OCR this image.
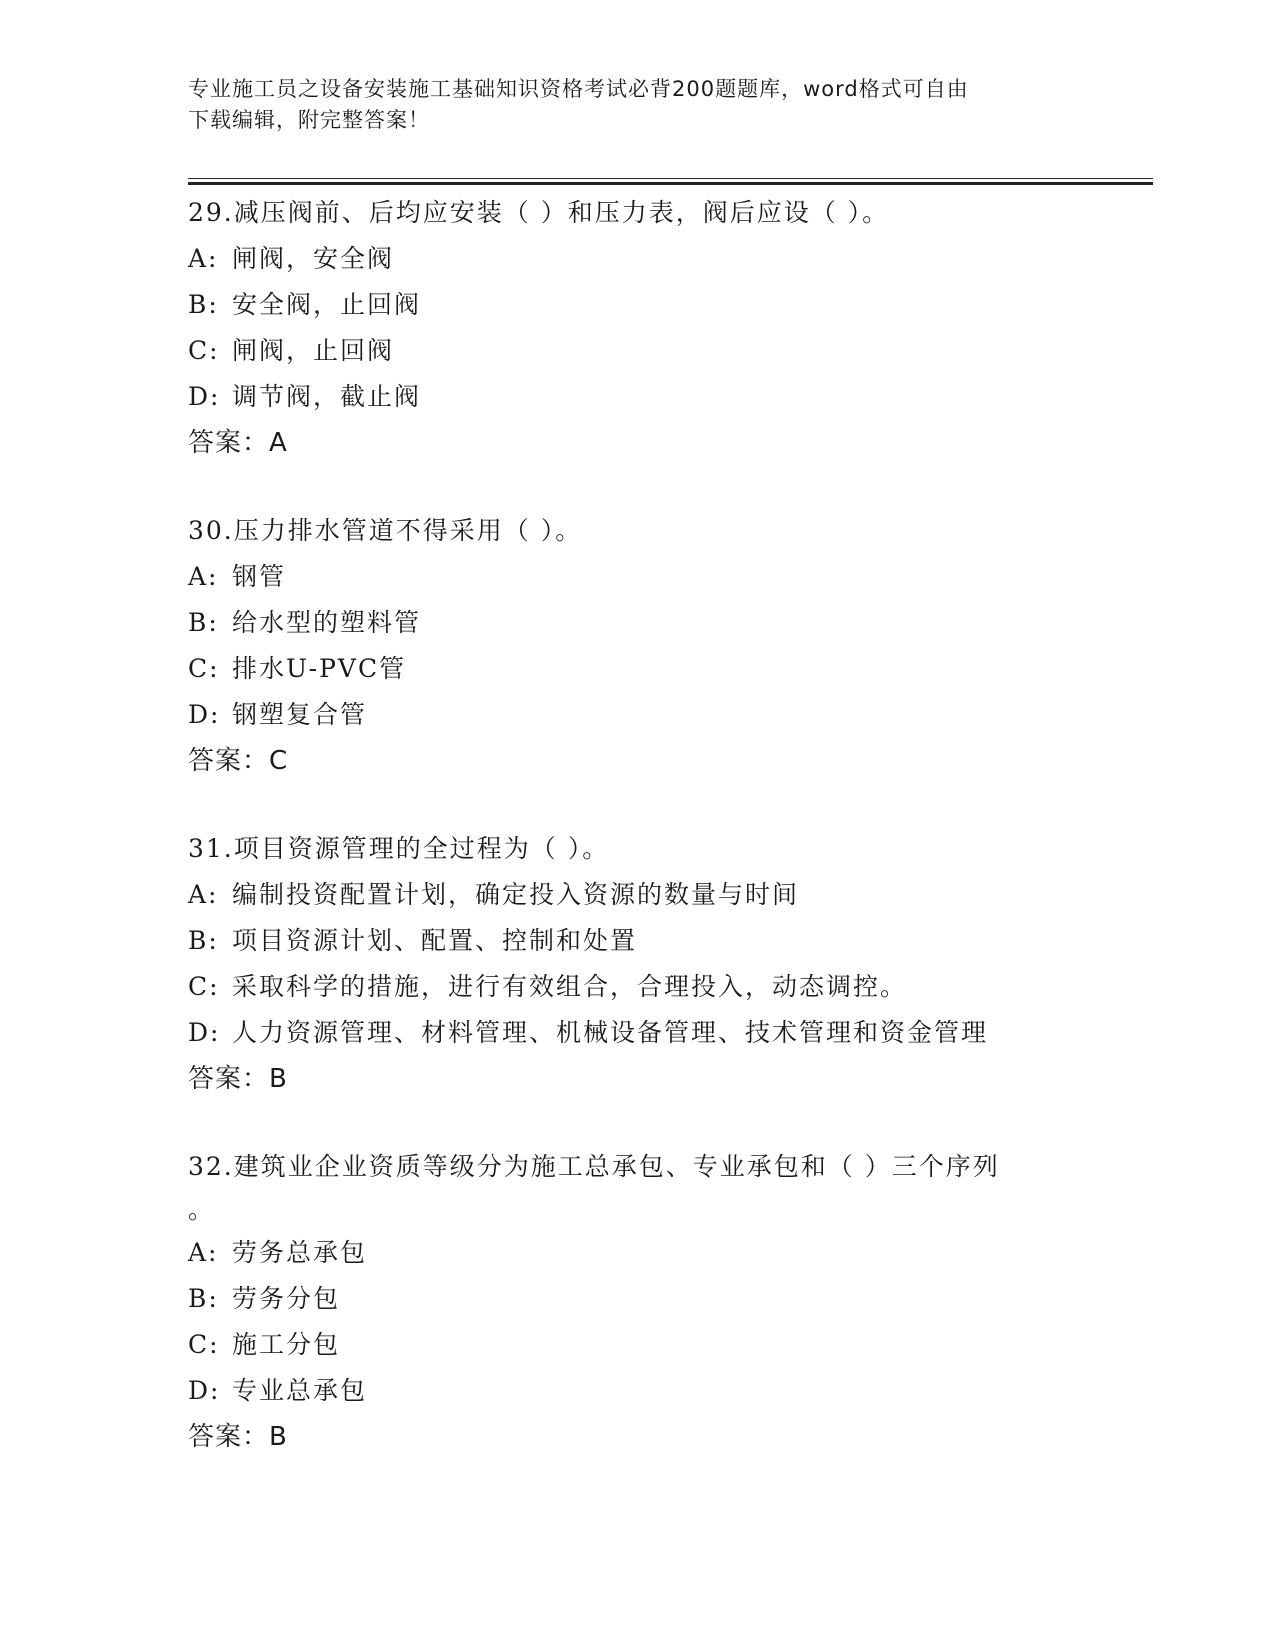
专业施工员之设备安装施工基础知识资格考试必背200题题库，word格式可自由
下载编辑，附完整答案！
29.减压阀前、后均应安装（ ）和压力表，阀后应设（ ）。
A: 闸阀，安全阀
B: 安全阀，止回阀
C: 闸阀，止回阀
D: 调节阀，截止阀
答案：A
30.压力排水管道不得采用（ ）。
A: 钢管
B: 给水型的塑料管
C: 排水U-PVC管
D: 钢塑复合管
答案：C
31.项目资源管理的全过程为（ ）。
A: 编制投资配置计划，确定投入资源的数量与时间
B: 项目资源计划、配置、控制和处置
C: 采取科学的措施，进行有效组合，合理投入，动态调控。
D: 人力资源管理、材料管理、机械设备管理、技术管理和资金管理
答案：B
32.建筑业企业资质等级分为施工总承包、专业承包和（ ）三个序列
。
A: 劳务总承包
B: 劳务分包
C: 施工分包
D: 专业总承包
答案：B
